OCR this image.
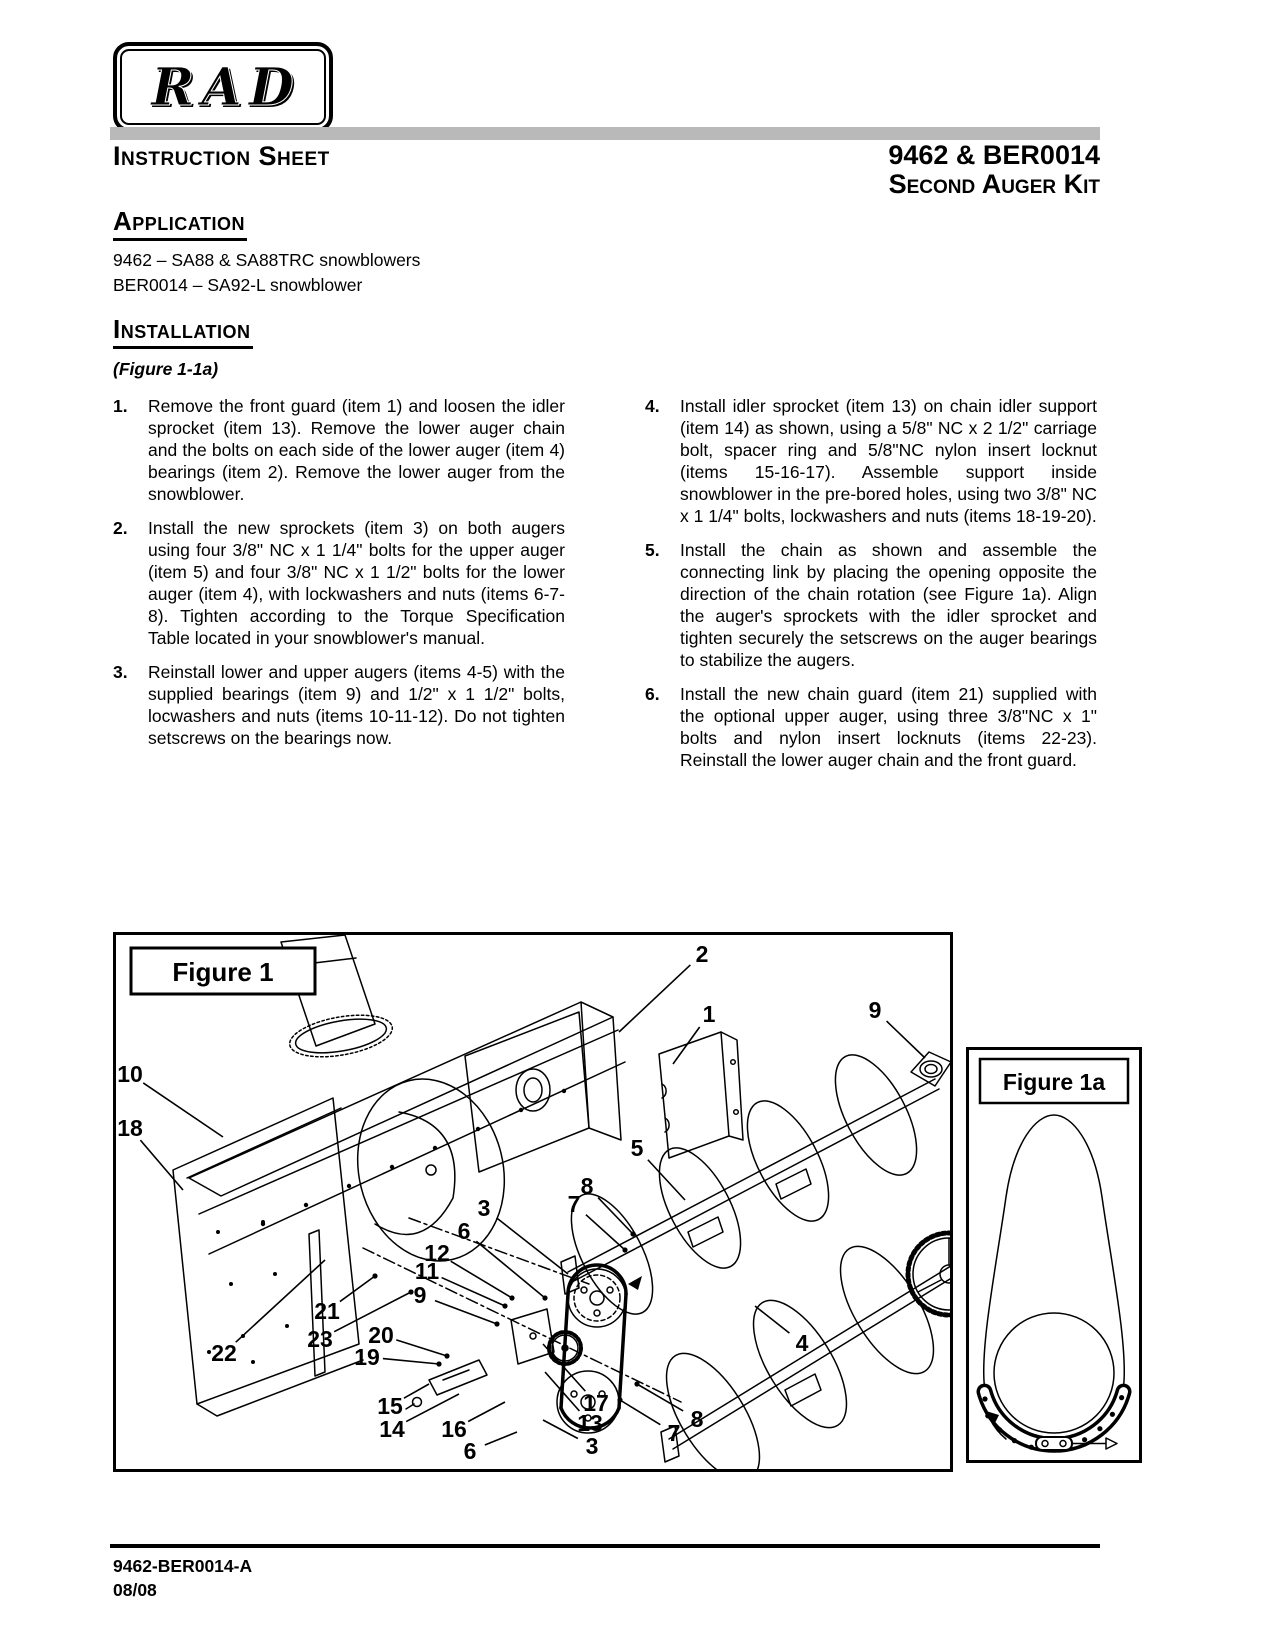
RAD
Instruction Sheet	9462 & BER0014
Second Auger Kit
Application
9462 – SA88 & SA88TRC snowblowers
BER0014 – SA92-L snowblower
Installation
(Figure 1-1a)
1.	Remove the front guard (item 1) and loosen the idler sprocket (item 13). Remove the lower auger chain and the bolts on each side of the lower auger (item 4) bearings (item 2). Remove the lower auger from the snowblower.
2.	Install the new sprockets (item 3) on both augers using four 3/8" NC x 1 1/4" bolts for the upper auger (item 5) and four 3/8" NC x 1 1/2" bolts for the lower auger (item 4), with lockwashers and nuts (items 6-7-8). Tighten according to the Torque Specification Table located in your snowblower's manual.
3.	Reinstall lower and upper augers (items 4-5) with the supplied bearings (item 9) and 1/2" x 1 1/2" bolts, locwashers and nuts (items 10-11-12). Do not tighten setscrews on the bearings now.
4.	Install idler sprocket (item 13) on chain idler support (item 14) as shown, using a 5/8" NC x 2 1/2" carriage bolt, spacer ring and 5/8"NC nylon insert locknut (items 15-16-17). Assemble support inside snowblower in the pre-bored holes, using two 3/8" NC x 1 1/4" bolts, lockwashers and nuts (items 18-19-20).
5.	Install the chain as shown and assemble the connecting link by placing the opening opposite the direction of the chain rotation (see Figure 1a). Align the auger's sprockets with the idler sprocket and tighten securely the setscrews on the auger bearings to stabilize the augers.
6.	Install the new chain guard (item 21) supplied with the optional upper auger, using three 3/8"NC x 1" bolts and nylon insert locknuts (items 22-23). Reinstall the lower auger chain and the front guard.
Figure 1
2
1	9
10
18
5
8
7
3
6
12
11
9
21
23
22
20
19
15
14 16
6	3
13
17
7
8
4
Figure 1a
9462-BER0014-A
08/08
